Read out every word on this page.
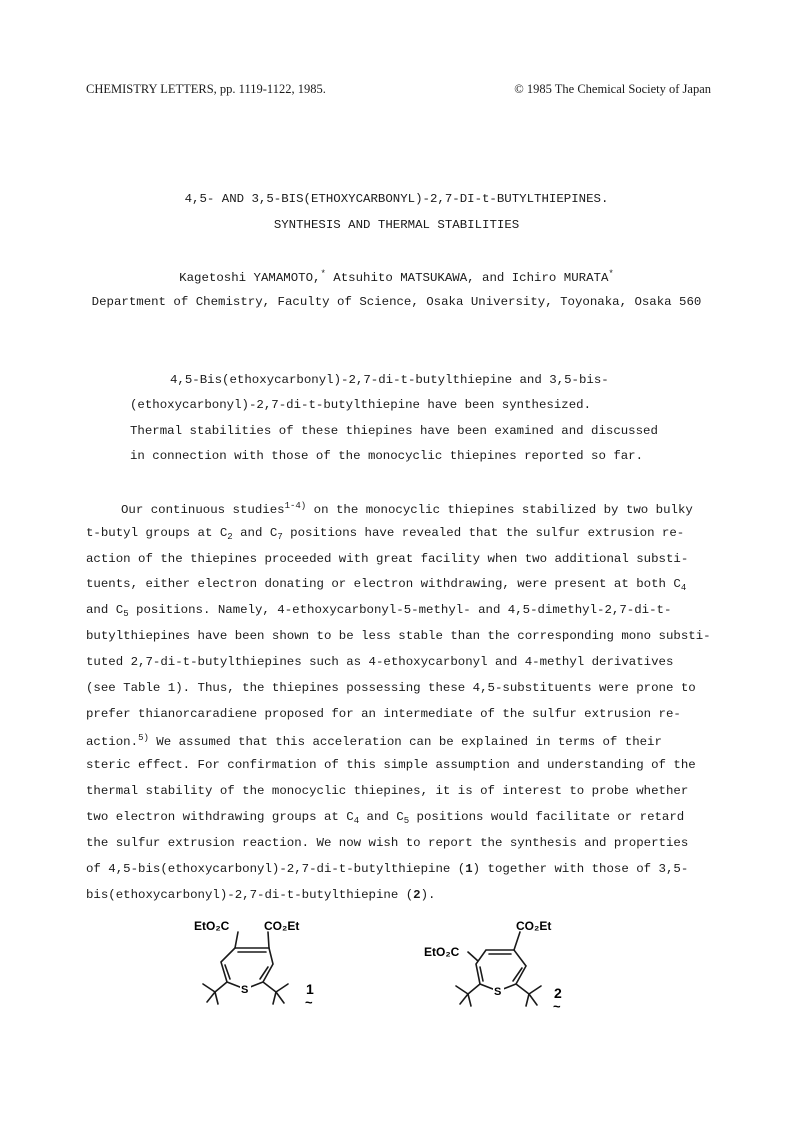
CHEMISTRY LETTERS, pp. 1119-1122, 1985.	© 1985 The Chemical Society of Japan
4,5- AND 3,5-BIS(ETHOXYCARBONYL)-2,7-DI-t-BUTYLTHIEPINES.
SYNTHESIS AND THERMAL STABILITIES
Kagetoshi YAMAMOTO,* Atsuhito MATSUKAWA, and Ichiro MURATA*
Department of Chemistry, Faculty of Science, Osaka University, Toyonaka, Osaka 560
4,5-Bis(ethoxycarbonyl)-2,7-di-t-butylthiepine and 3,5-bis-
(ethoxycarbonyl)-2,7-di-t-butylthiepine have been synthesized.
Thermal stabilities of these thiepines have been examined and discussed
in connection with those of the monocyclic thiepines reported so far.
Our continuous studies$^{1-4)}$ on the monocyclic thiepines stabilized by two bulky
t-butyl groups at $C_2$ and $C_7$ positions have revealed that the sulfur extrusion re-
action of the thiepines proceeded with great facility when two additional substi-
tuents, either electron donating or electron withdrawing, were present at both $C_4$
and $C_5$ positions. Namely, 4-ethoxycarbonyl-5-methyl- and 4,5-dimethyl-2,7-di-t-
butylthiepines have been shown to be less stable than the corresponding mono substi-
tuted 2,7-di-t-butylthiepines such as 4-ethoxycarbonyl and 4-methyl derivatives
(see Table 1). Thus, the thiepines possessing these 4,5-substituents were prone to
prefer thianorcaradiene proposed for an intermediate of the sulfur extrusion re-
action.$^{5)}$ We assumed that this acceleration can be explained in terms of their
steric effect. For confirmation of this simple assumption and understanding of the
thermal stability of the monocyclic thiepines, it is of interest to probe whether
two electron withdrawing groups at $C_4$ and $C_5$ positions would facilitate or retard
the sulfur extrusion reaction. We now wish to report the synthesis and properties
of 4,5-bis(ethoxycarbonyl)-2,7-di-t-butylthiepine (1) together with those of 3,5-
bis(ethoxycarbonyl)-2,7-di-t-butylthiepine (2).
EtO₂C	CO₂Et
S	1
~
CO₂Et
EtO₂C
S	2
~
